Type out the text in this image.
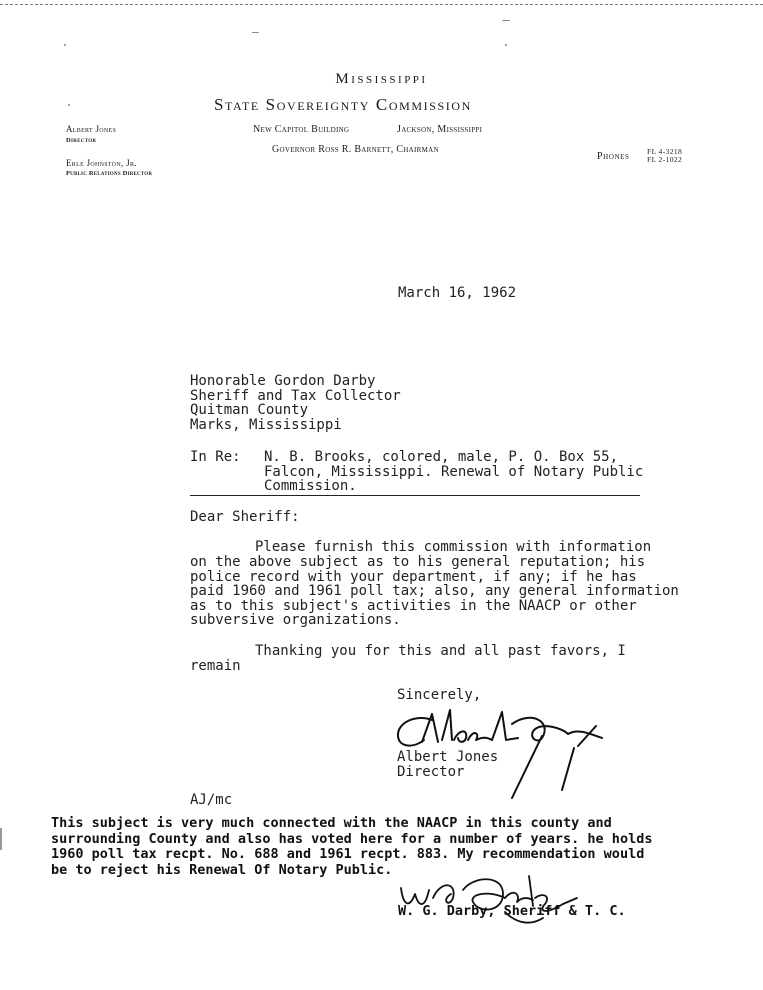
Mississippi
State Sovereignty Commission
New Capitol Building	Jackson, Mississippi
Governor Ross R. Barnett, Chairman
Phones FL 4-3218
FL 2-1022
Albert Jones
Director
Erle Johnston, Jr.
Public Relations Director
March 16, 1962
Honorable Gordon Darby
Sheriff and Tax Collector
Quitman County
Marks, Mississippi
In Re: N. B. Brooks, colored, male, P. O. Box 55,
Falcon, Mississippi. Renewal of Notary Public
Commission.
Dear Sheriff:
Please furnish this commission with information
on the above subject as to his general reputation; his
police record with your department, if any; if he has
paid 1960 and 1961 poll tax; also, any general information
as to this subject's activities in the NAACP or other
subversive organizations.
Thanking you for this and all past favors, I
remain
Sincerely,
Albert Jones
Director
AJ/mc
This subject is very much connected with the NAACP in this county and
surrounding County and also has voted here for a number of years. he holds
1960 poll tax recpt. No. 688 and 1961 recpt. 883. My recommendation would
be to reject his Renewal Of Notary Public.
W. G. Darby, Sheriff & T. C.
